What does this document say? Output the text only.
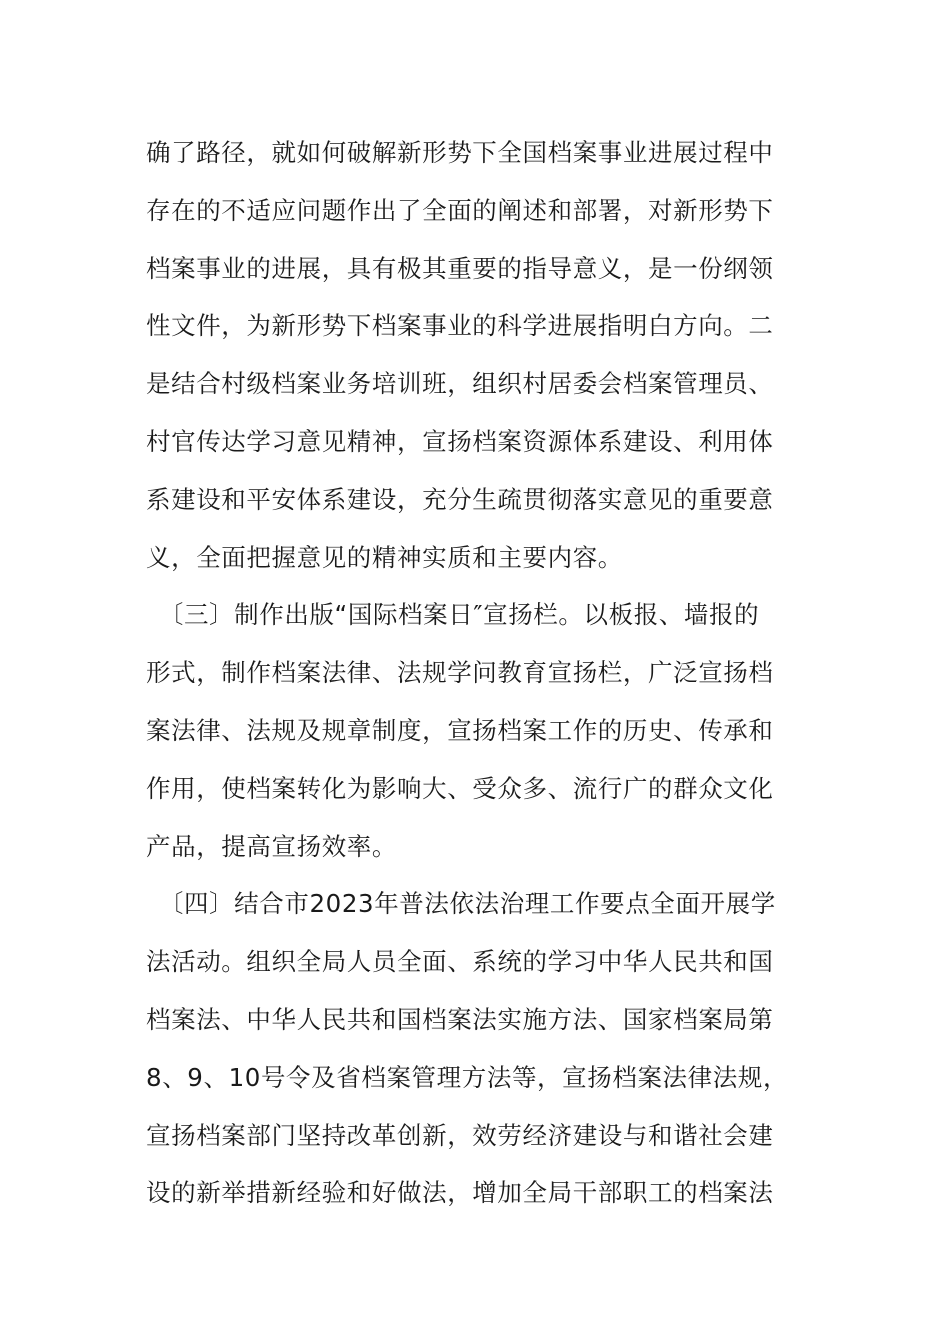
确了路径，就如何破解新形势下全国档案事业进展过程中
存在的不适应问题作出了全面的阐述和部署，对新形势下
档案事业的进展，具有极其重要的指导意义，是一份纲领
性文件，为新形势下档案事业的科学进展指明白方向。二
是结合村级档案业务培训班，组织村居委会档案管理员、
村官传达学习意见精神，宣扬档案资源体系建设、利用体
系建设和平安体系建设，充分生疏贯彻落实意见的重要意
义，全面把握意见的精神实质和主要内容。
　〔三〕制作出版“国际档案日″宣扬栏。以板报、墙报的
形式，制作档案法律、法规学问教育宣扬栏，广泛宣扬档
案法律、法规及规章制度，宣扬档案工作的历史、传承和
作用，使档案转化为影响大、受众多、流行广的群众文化
产品，提高宣扬效率。
　〔四〕结合市2023年普法依法治理工作要点全面开展学
法活动。组织全局人员全面、系统的学习中华人民共和国
档案法、中华人民共和国档案法实施方法、国家档案局第
8、9、10号令及省档案管理方法等，宣扬档案法律法规，
宣扬档案部门坚持改革创新，效劳经济建设与和谐社会建
设的新举措新经验和好做法，增加全局干部职工的档案法
